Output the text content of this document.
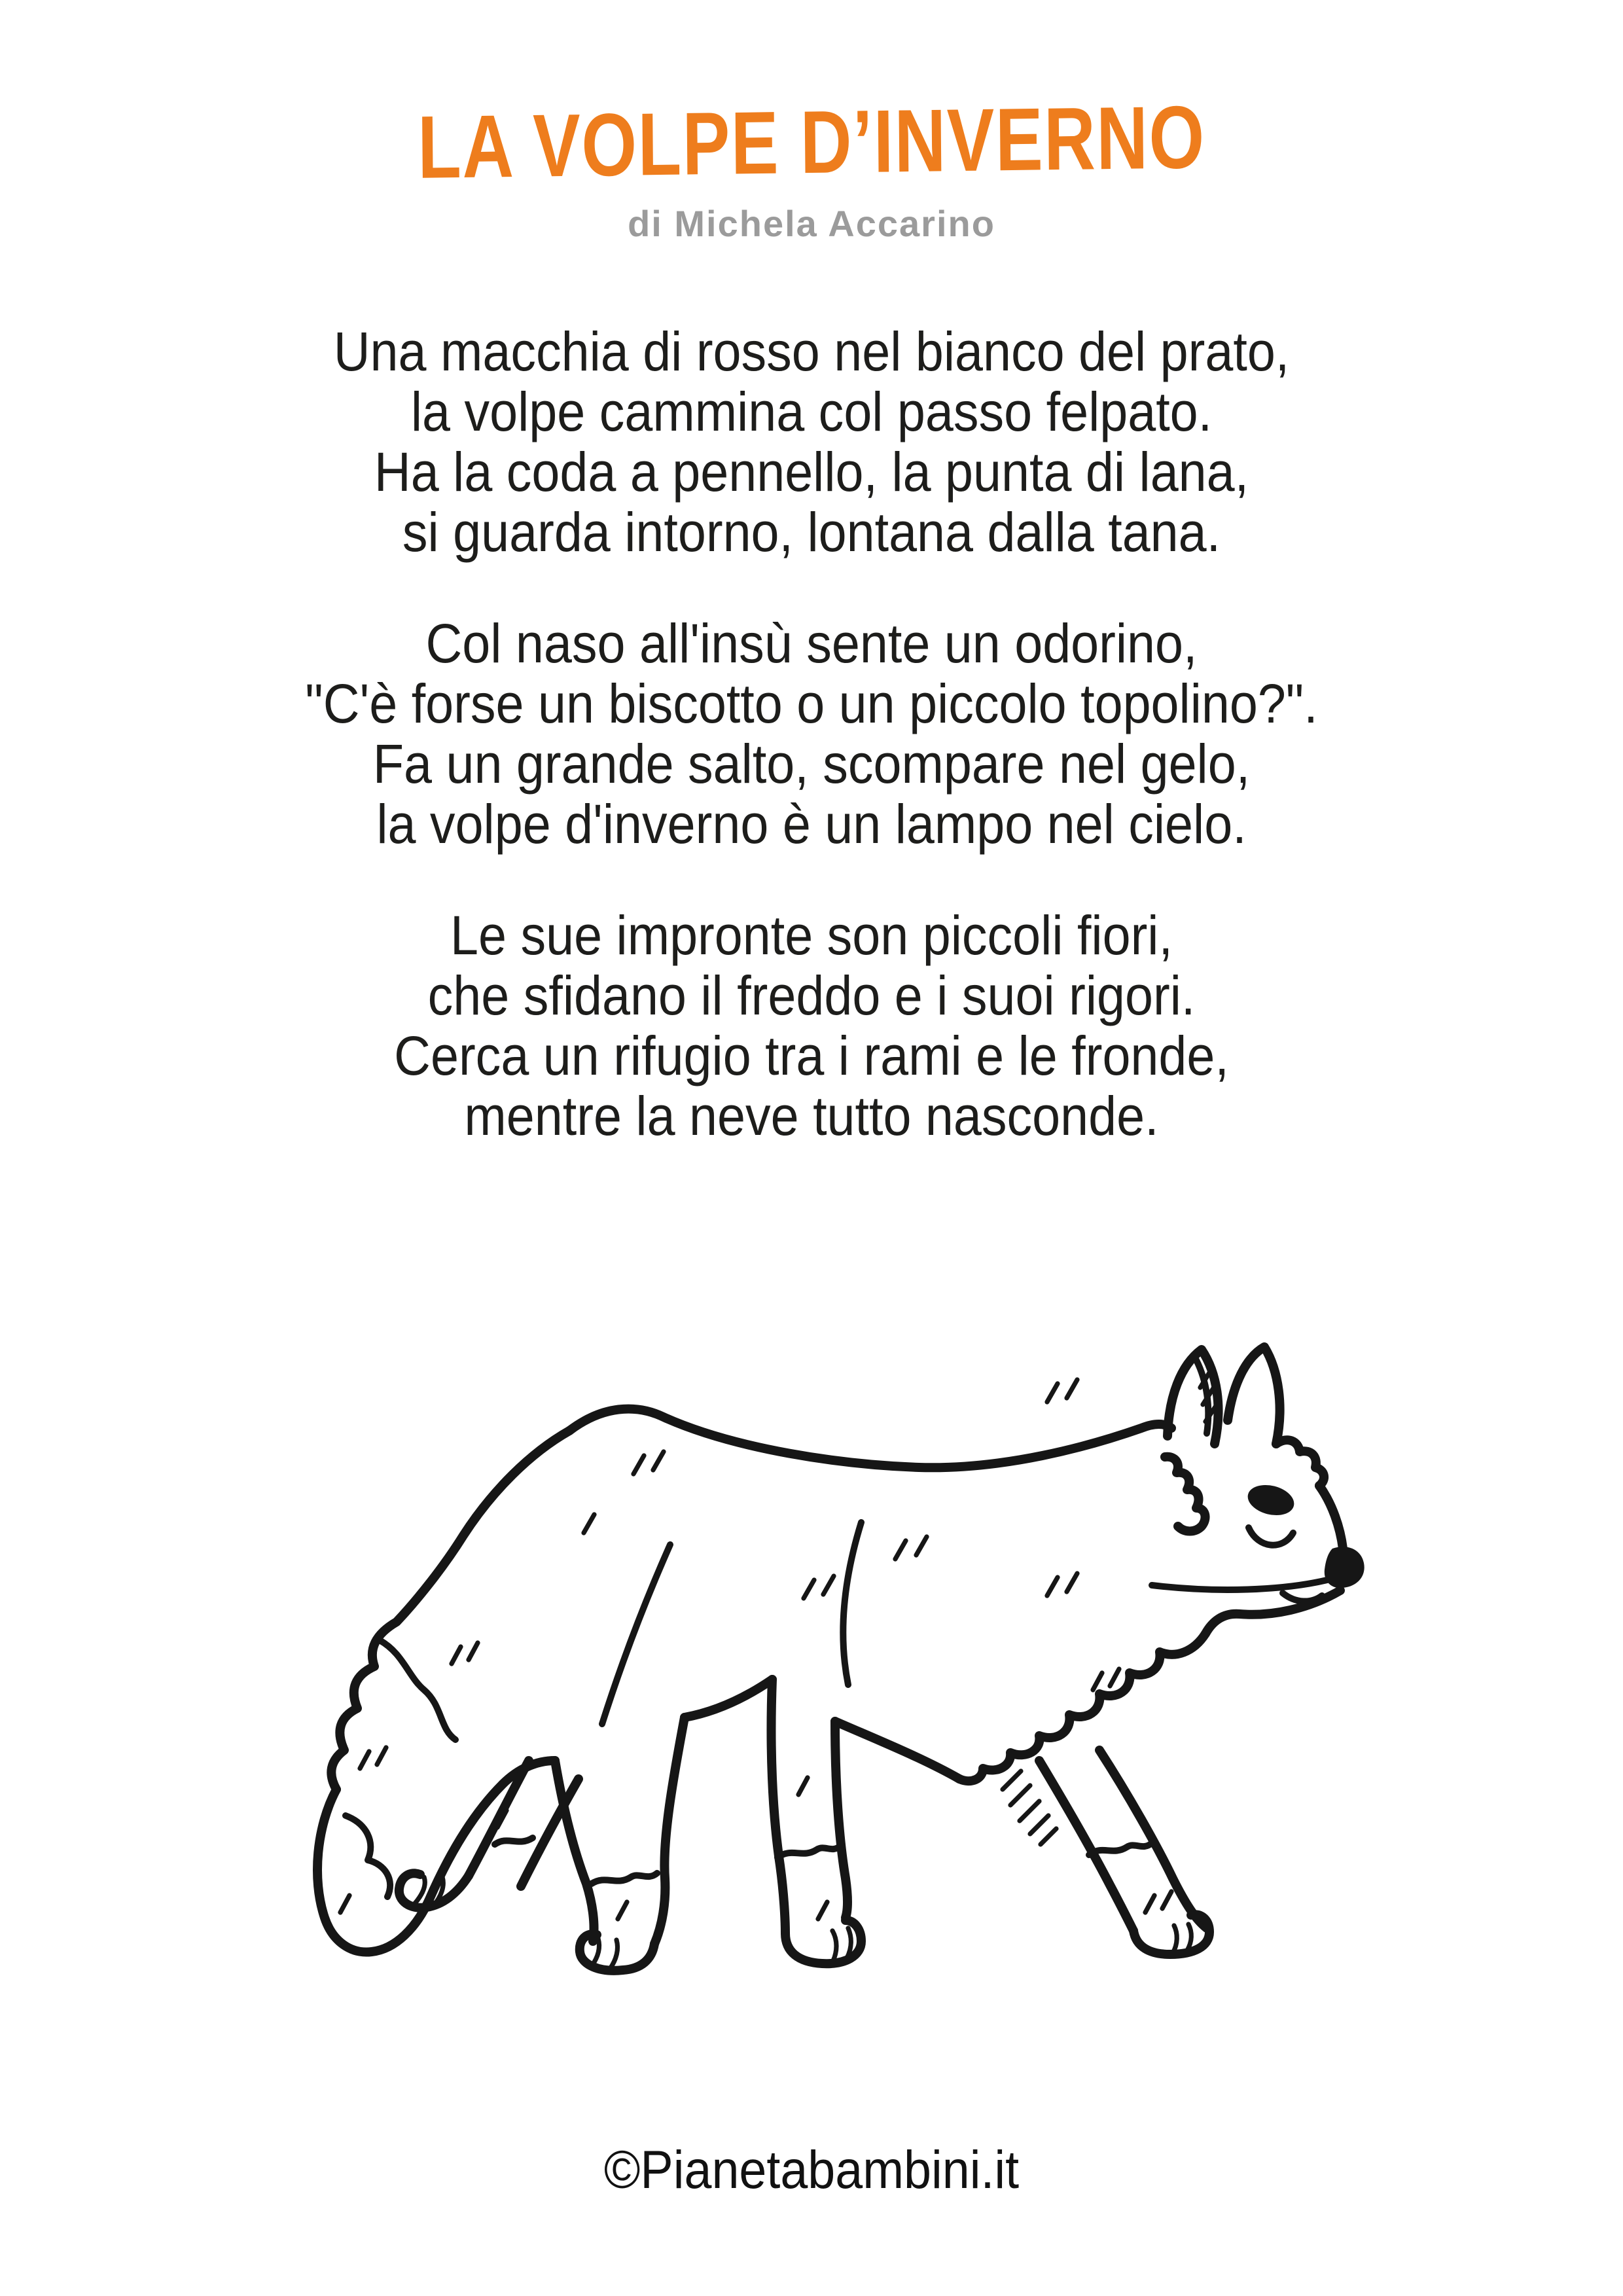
LA VOLPE D’INVERNO
di Michela Accarino
Una macchia di rosso nel bianco del prato,
la volpe cammina col passo felpato.
Ha la coda a pennello, la punta di lana,
si guarda intorno, lontana dalla tana.
Col naso all'insù sente un odorino,
"C'è forse un biscotto o un piccolo topolino?".
Fa un grande salto, scompare nel gelo,
la volpe d'inverno è un lampo nel cielo.
Le sue impronte son piccoli fiori,
che sfidano il freddo e i suoi rigori.
Cerca un rifugio tra i rami e le fronde,
mentre la neve tutto nasconde.
©Pianetabambini.it
